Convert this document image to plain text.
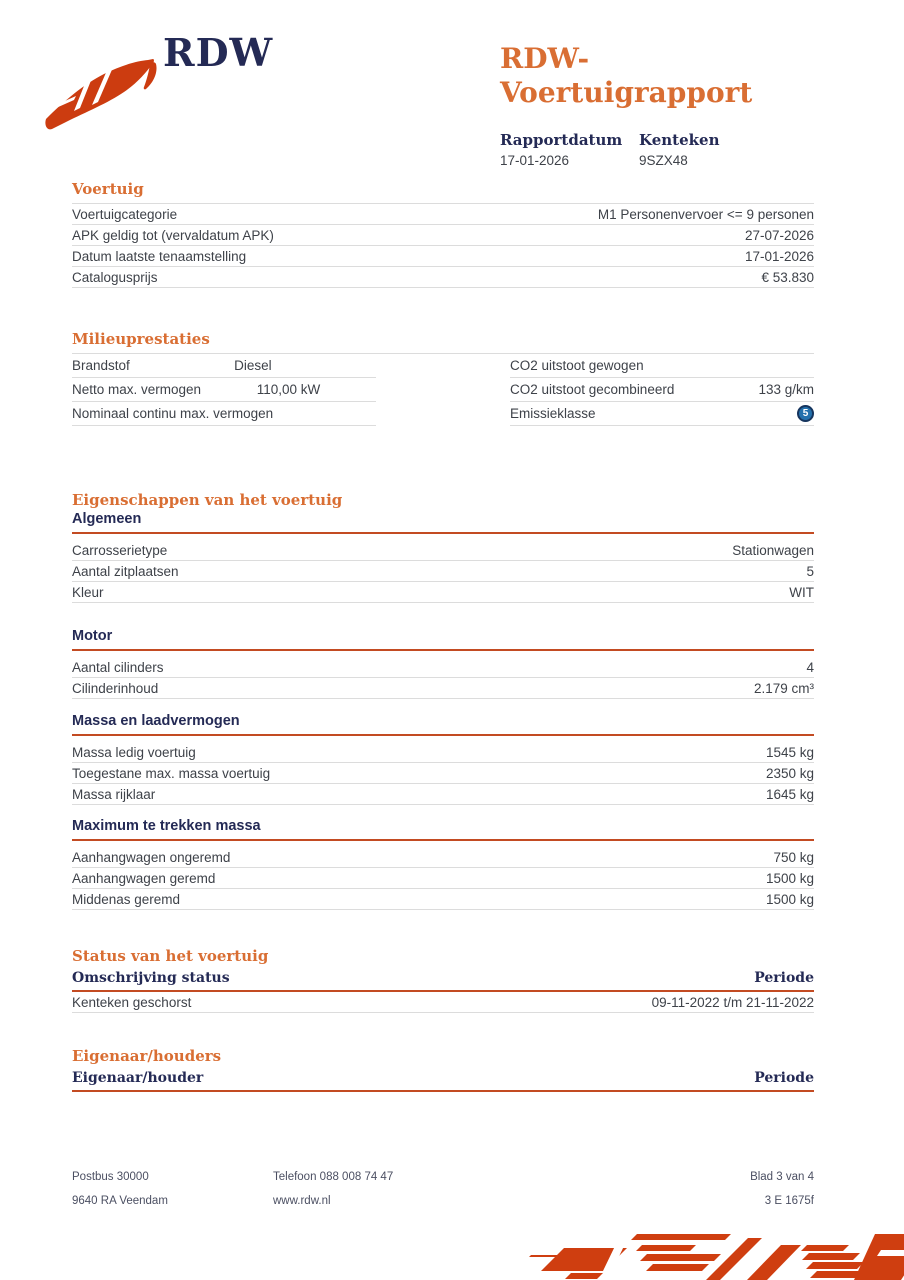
RDW	RDW-Voertuigrapport
Rapportdatum
17-01-2026
Kenteken
9SZX48
Voertuig
Voertuigcategorie	M1 Personenvervoer <= 9 personen
APK geldig tot (vervaldatum APK)	27-07-2026
Datum laatste tenaamstelling	17-01-2026
Catalogusprijs	€ 53.830
Milieuprestaties
Brandstof	Diesel
Netto max. vermogen	110,00 kW
Nominaal continu max. vermogen
CO2 uitstoot gewogen
CO2 uitstoot gecombineerd	133 g/km
Emissieklasse	5
Eigenschappen van het voertuig
Algemeen
Carrosserietype	Stationwagen
Aantal zitplaatsen	5
Kleur	WIT
Motor
Aantal cilinders	4
Cilinderinhoud	2.179 cm³
Massa en laadvermogen
Massa ledig voertuig	1545 kg
Toegestane max. massa voertuig	2350 kg
Massa rijklaar	1645 kg
Maximum te trekken massa
Aanhangwagen ongeremd	750 kg
Aanhangwagen geremd	1500 kg
Middenas geremd	1500 kg
Status van het voertuig
Omschrijving status	Periode
Kenteken geschorst	09-11-2022 t/m 21-11-2022
Eigenaar/houders
Eigenaar/houder	Periode
Postbus 30000	Telefoon 088 008 74 47	Blad 3 van 4
9640 RA Veendam	www.rdw.nl	3 E 1675f
